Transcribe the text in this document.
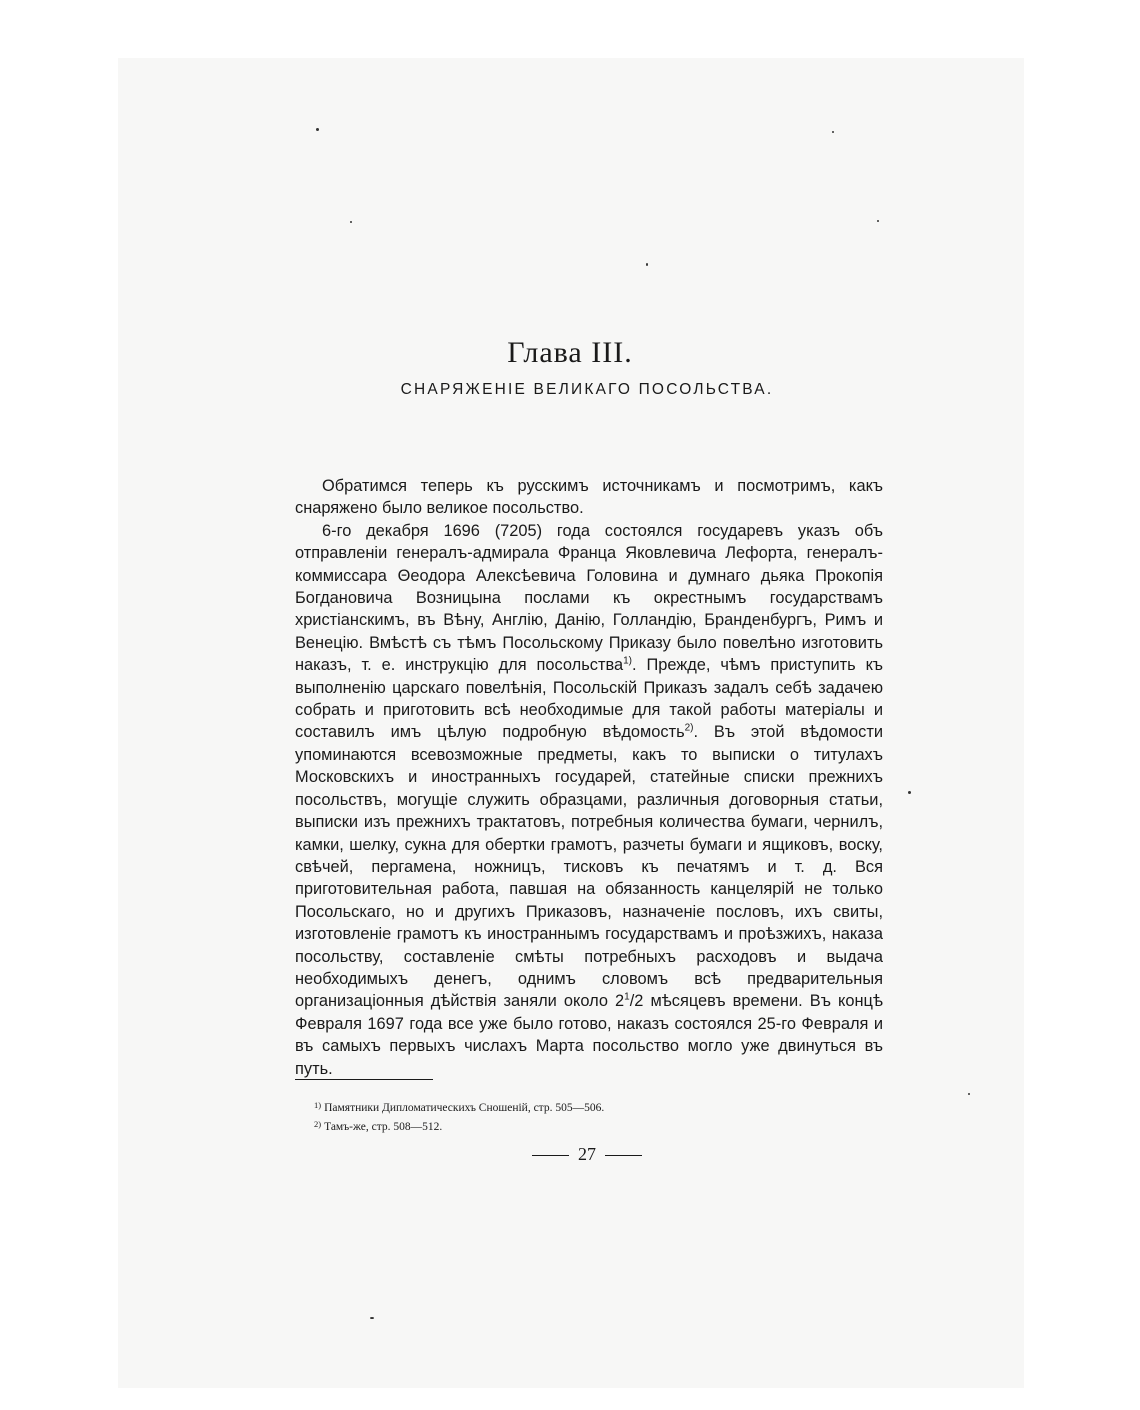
Глава III.
СНАРЯЖЕНІЕ ВЕЛИКАГО ПОСОЛЬСТВА.

Обратимся теперь къ русскимъ источникамъ и посмотримъ, какъ снаряжено было великое посольство.

6-го декабря 1696 (7205) года состоялся государевъ указъ объ отправленіи генералъ-адмирала Франца Яковлевича Лефорта, генералъ-коммиссара Θеодора Алексѣевича Головина и думнаго дьяка Прокопія Богдановича Возницына послами къ окрестнымъ государствамъ христіанскимъ, въ Вѣну, Англію, Данію, Голландію, Бранденбургъ, Римъ и Венецію. Вмѣстѣ съ тѣмъ Посольскому Приказу было повелѣно изготовить наказъ, т. е. инструкцію для посольства$^{1)}$. Прежде, чѣмъ приступить къ выполненію царскаго повелѣнія, Посольскій Приказъ задалъ себѣ задачею собрать и приготовить всѣ необходимые для такой работы матеріалы и составилъ имъ цѣлую подробную вѣдомость$^{2)}$. Въ этой вѣдомости упоминаются всевозможные предметы, какъ то выписки о титулахъ Московскихъ и иностранныхъ государей, статейные списки прежнихъ посольствъ, могущіе служить образцами, различныя договорныя статьи, выписки изъ прежнихъ трактатовъ, потребныя количества бумаги, чернилъ, камки, шелку, сукна для обертки грамотъ, разчеты бумаги и ящиковъ, воску, свѣчей, пергамена, ножницъ, тисковъ къ печатямъ и т. д. Вся приготовительная работа, павшая на обязанность канцелярій не только Посольскаго, но и другихъ Приказовъ, назначеніе пословъ, ихъ свиты, изготовленіе грамотъ къ иностраннымъ государствамъ и проѣзжихъ, наказа посольству, составленіе смѣты потребныхъ расходовъ и выдача необходимыхъ денегъ, однимъ словомъ всѣ предварительныя организаціонныя дѣйствія заняли около $2^1/2$ мѣсяцевъ времени. Въ концѣ Февраля 1697 года все уже было готово, наказъ состоялся 25-го Февраля и въ самыхъ первыхъ числахъ Марта посольство могло уже двинуться въ путь.

$^{1)}$ Памятники Дипломатическихъ Сношеній, стр. 505—506.
$^{2)}$ Тамъ-же, стр. 508—512.
27
